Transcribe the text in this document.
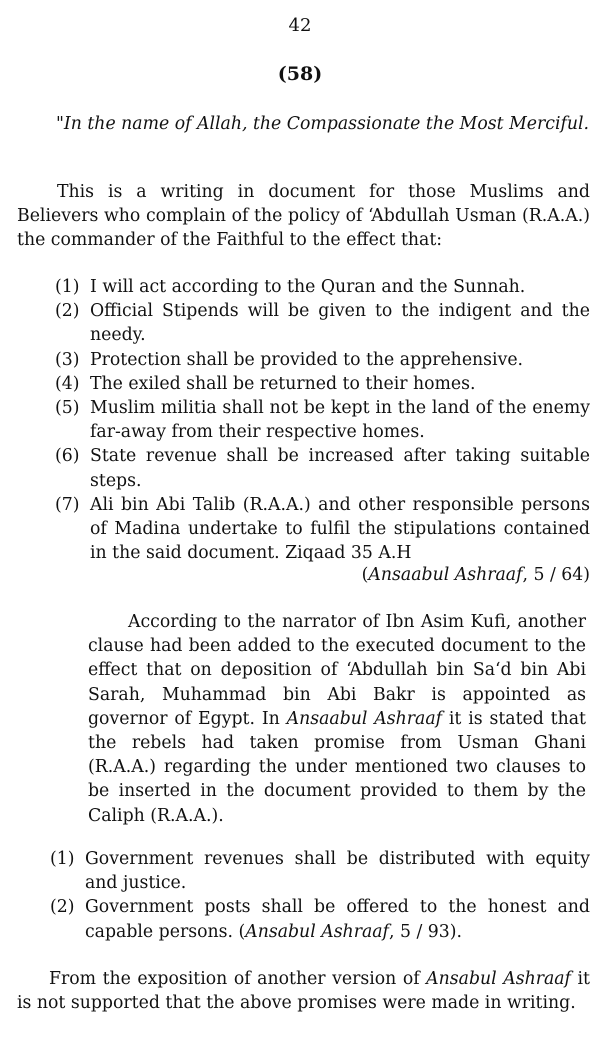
42
(58)
"In the name of Allah, the Compassionate the Most Merciful.
This is a writing in document for those Muslims and Believers who complain of the policy of ‘Abdullah Usman (R.A.A.) the commander of the Faithful to the effect that:
(1) I will act according to the Quran and the Sunnah.
(2) Official Stipends will be given to the indigent and the needy.
(3) Protection shall be provided to the apprehensive.
(4) The exiled shall be returned to their homes.
(5) Muslim militia shall not be kept in the land of the enemy far-away from their respective homes.
(6) State revenue shall be increased after taking suitable steps.
(7) Ali bin Abi Talib (R.A.A.) and other responsible persons of Madina undertake to fulfil the stipulations contained in the said document. Ziqaad 35 A.H
(Ansaabul Ashraaf, 5 / 64)
According to the narrator of Ibn Asim Kufi, another clause had been added to the executed document to the effect that on deposition of ‘Abdullah bin Sa‘d bin Abi Sarah, Muhammad bin Abi Bakr is appointed as governor of Egypt. In Ansaabul Ashraaf it is stated that the rebels had taken promise from Usman Ghani (R.A.A.) regarding the under mentioned two clauses to be inserted in the document provided to them by the Caliph (R.A.A.).
(1) Government revenues shall be distributed with equity and justice.
(2) Government posts shall be offered to the honest and capable persons. (Ansabul Ashraaf, 5 / 93).
From the exposition of another version of Ansabul Ashraaf it is not supported that the above promises were made in writing.
